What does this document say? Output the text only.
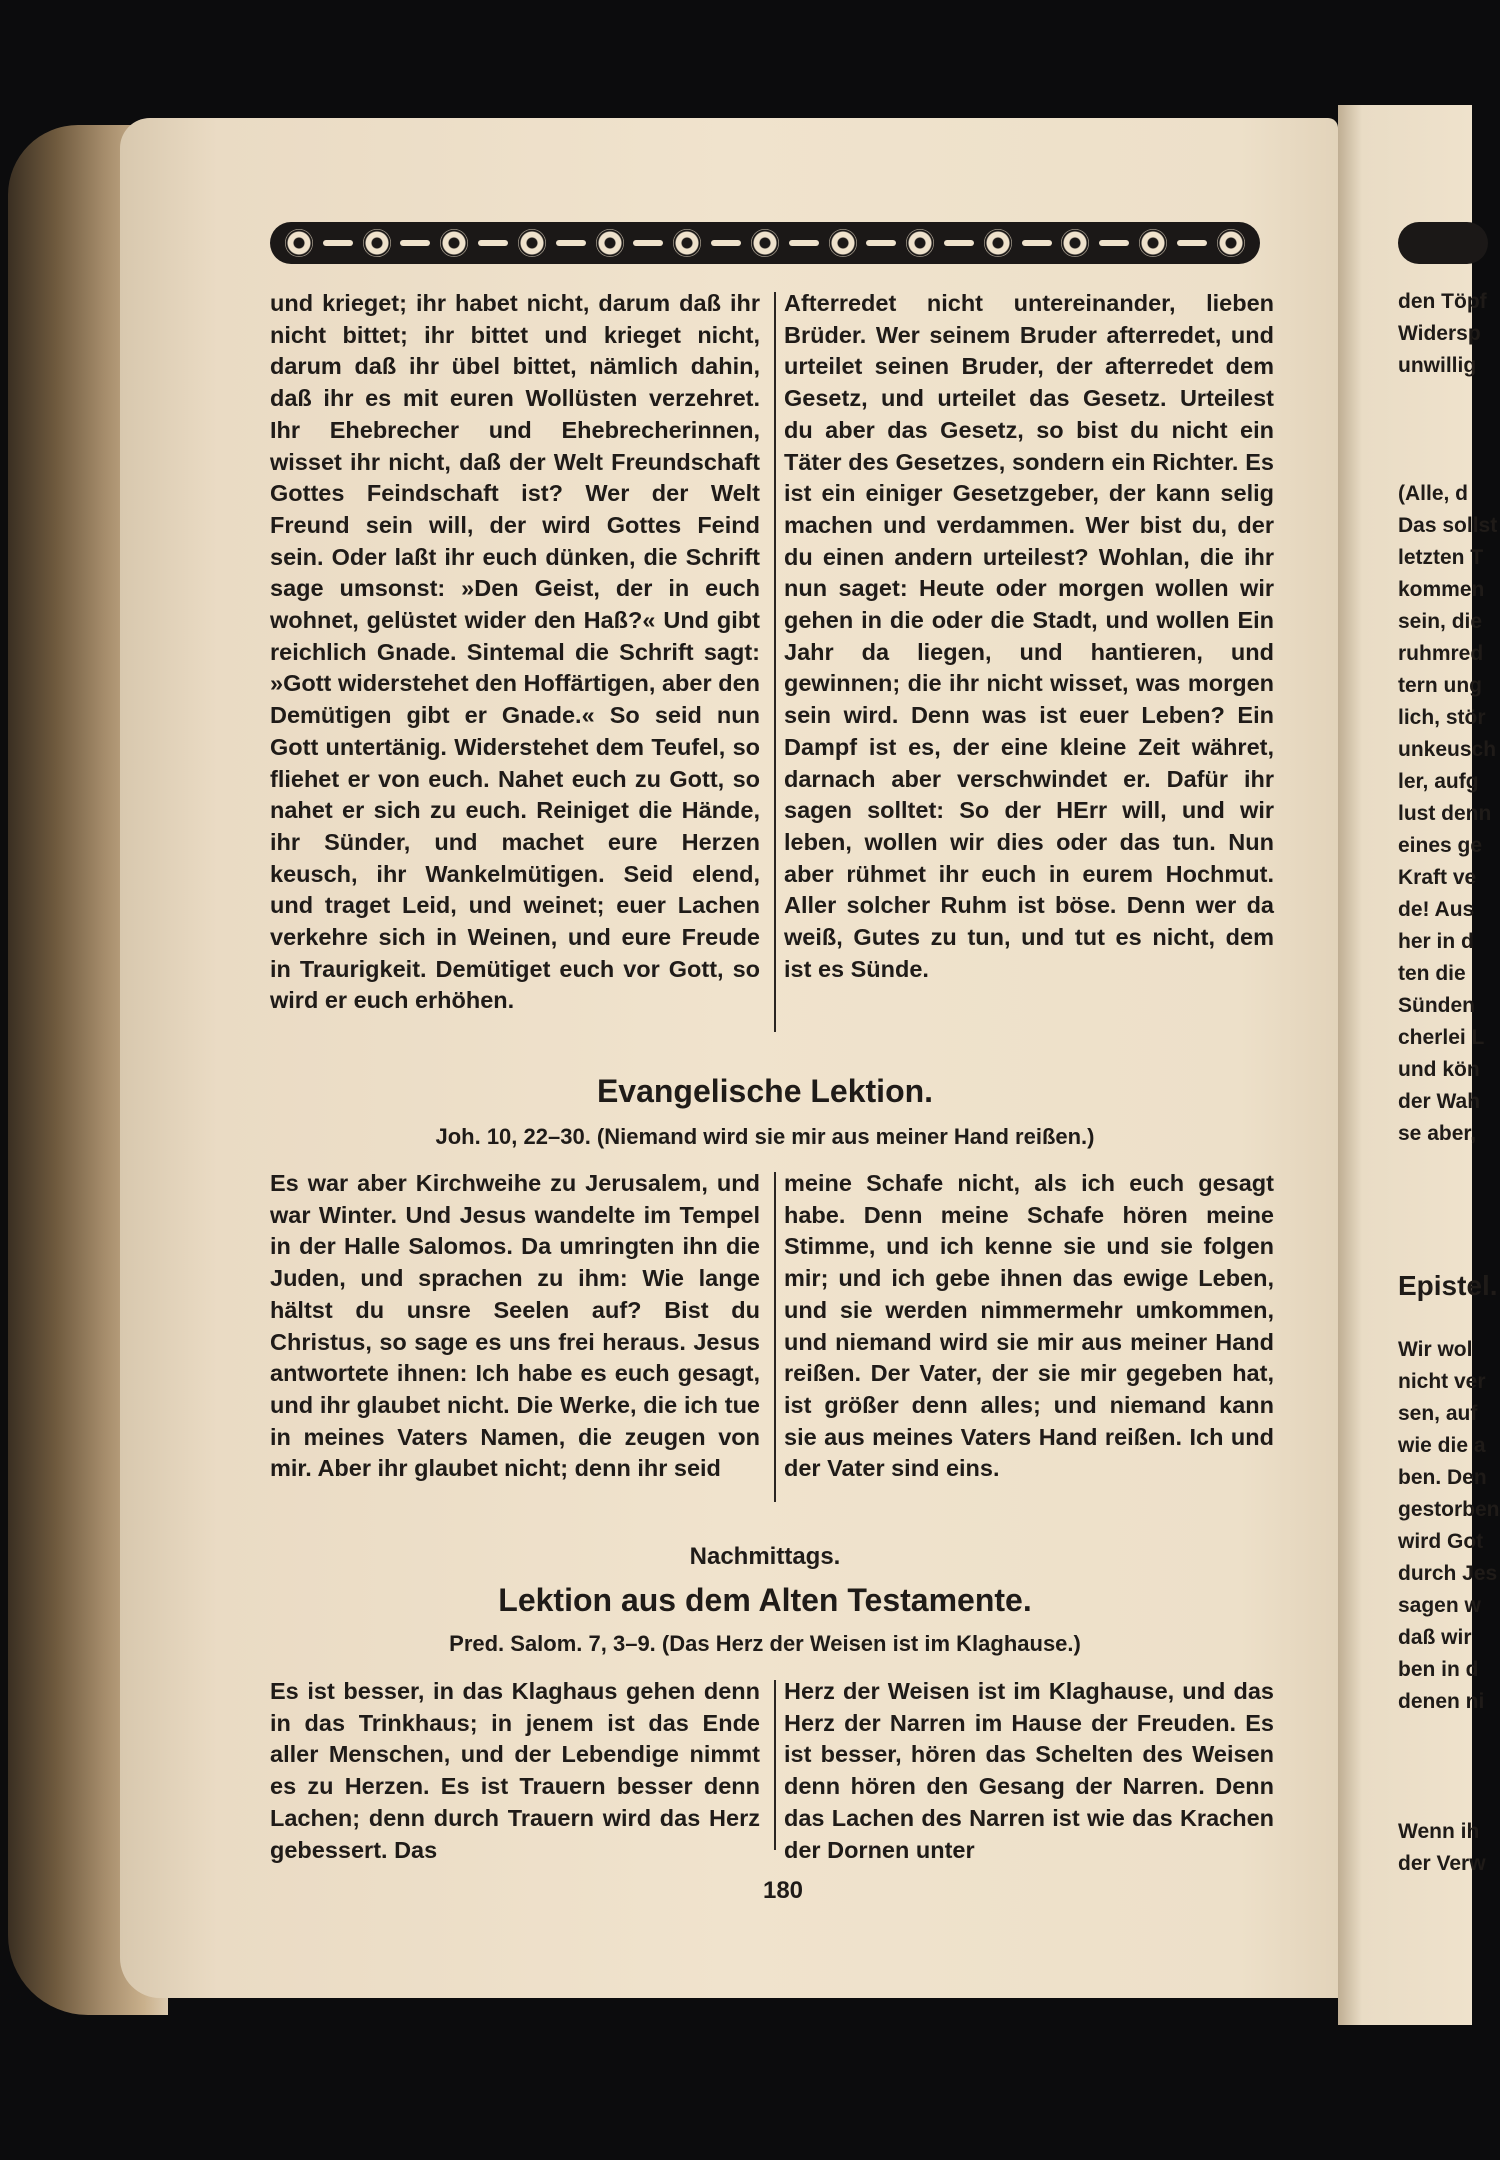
und krieget; ihr habet nicht, darum daß ihr nicht bittet; ihr bittet und krieget nicht, darum daß ihr übel bittet, nämlich dahin, daß ihr es mit euren Wollüsten verzehret. Ihr Ehebrecher und Ehebrecherinnen, wisset ihr nicht, daß der Welt Freundschaft Gottes Feindschaft ist? Wer der Welt Freund sein will, der wird Gottes Feind sein. Oder laßt ihr euch dünken, die Schrift sage umsonst: »Den Geist, der in euch wohnet, gelüstet wider den Haß?« Und gibt reichlich Gnade. Sintemal die Schrift sagt: »Gott widerstehet den Hoffärtigen, aber den Demütigen gibt er Gnade.« So seid nun Gott untertänig. Widerstehet dem Teufel, so fliehet er von euch. Nahet euch zu Gott, so nahet er sich zu euch. Reiniget die Hände, ihr Sünder, und machet eure Herzen keusch, ihr Wankelmütigen. Seid elend, und traget Leid, und weinet; euer Lachen verkehre sich in Weinen, und eure Freude in Traurigkeit. Demütiget euch vor Gott, so wird er euch erhöhen.

Afterredet nicht untereinander, lieben Brüder. Wer seinem Bruder afterredet, und urteilet seinen Bruder, der afterredet dem Gesetz, und urteilet das Gesetz. Urteilest du aber das Gesetz, so bist du nicht ein Täter des Gesetzes, sondern ein Richter. Es ist ein einiger Gesetzgeber, der kann selig machen und verdammen. Wer bist du, der du einen andern urteilest? Wohlan, die ihr nun saget: Heute oder morgen wollen wir gehen in die oder die Stadt, und wollen Ein Jahr da liegen, und hantieren, und gewinnen; die ihr nicht wisset, was morgen sein wird. Denn was ist euer Leben? Ein Dampf ist es, der eine kleine Zeit währet, darnach aber verschwindet er. Dafür ihr sagen solltet: So der HErr will, und wir leben, wollen wir dies oder das tun. Nun aber rühmet ihr euch in eurem Hochmut. Aller solcher Ruhm ist böse. Denn wer da weiß, Gutes zu tun, und tut es nicht, dem ist es Sünde.

Evangelische Lektion.

Joh. 10, 22–30. (Niemand wird sie mir aus meiner Hand reißen.)

Es war aber Kirchweihe zu Jerusalem, und war Winter. Und Jesus wandelte im Tempel in der Halle Salomos. Da umringten ihn die Juden, und sprachen zu ihm: Wie lange hältst du unsre Seelen auf? Bist du Christus, so sage es uns frei heraus. Jesus antwortete ihnen: Ich habe es euch gesagt, und ihr glaubet nicht. Die Werke, die ich tue in meines Vaters Namen, die zeugen von mir. Aber ihr glaubet nicht; denn ihr seid

meine Schafe nicht, als ich euch gesagt habe. Denn meine Schafe hören meine Stimme, und ich kenne sie und sie folgen mir; und ich gebe ihnen das ewige Leben, und sie werden nimmermehr umkommen, und niemand wird sie mir aus meiner Hand reißen. Der Vater, der sie mir gegeben hat, ist größer denn alles; und niemand kann sie aus meines Vaters Hand reißen. Ich und der Vater sind eins.

Nachmittags.

Lektion aus dem Alten Testamente.

Pred. Salom. 7, 3–9. (Das Herz der Weisen ist im Klaghause.)

Es ist besser, in das Klaghaus gehen denn in das Trinkhaus; in jenem ist das Ende aller Menschen, und der Lebendige nimmt es zu Herzen. Es ist Trauern besser denn Lachen; denn durch Trauern wird das Herz gebessert. Das

Herz der Weisen ist im Klaghause, und das Herz der Narren im Hause der Freuden. Es ist besser, hören das Schelten des Weisen denn hören den Gesang der Narren. Denn das Lachen des Narren ist wie das Krachen der Dornen unter

180
den Töpf
Widersp
unwillig
(Alle, d
Das sollst
letzten T
kommen
sein, die
ruhmred
tern ung
lich, stör
unkeusch
ler, aufg
lust denn
eines ge
Kraft ve
de! Aus
her in d
ten die
Sünden
cherlei L
und kön
der Wah
se aber,
Epistel.
Wir wol
nicht ver
sen, auf
wie die a
ben. Den
gestorben
wird Got
durch Jes
sagen w
daß wir
ben in d
denen ni
Wenn ih
der Verw
